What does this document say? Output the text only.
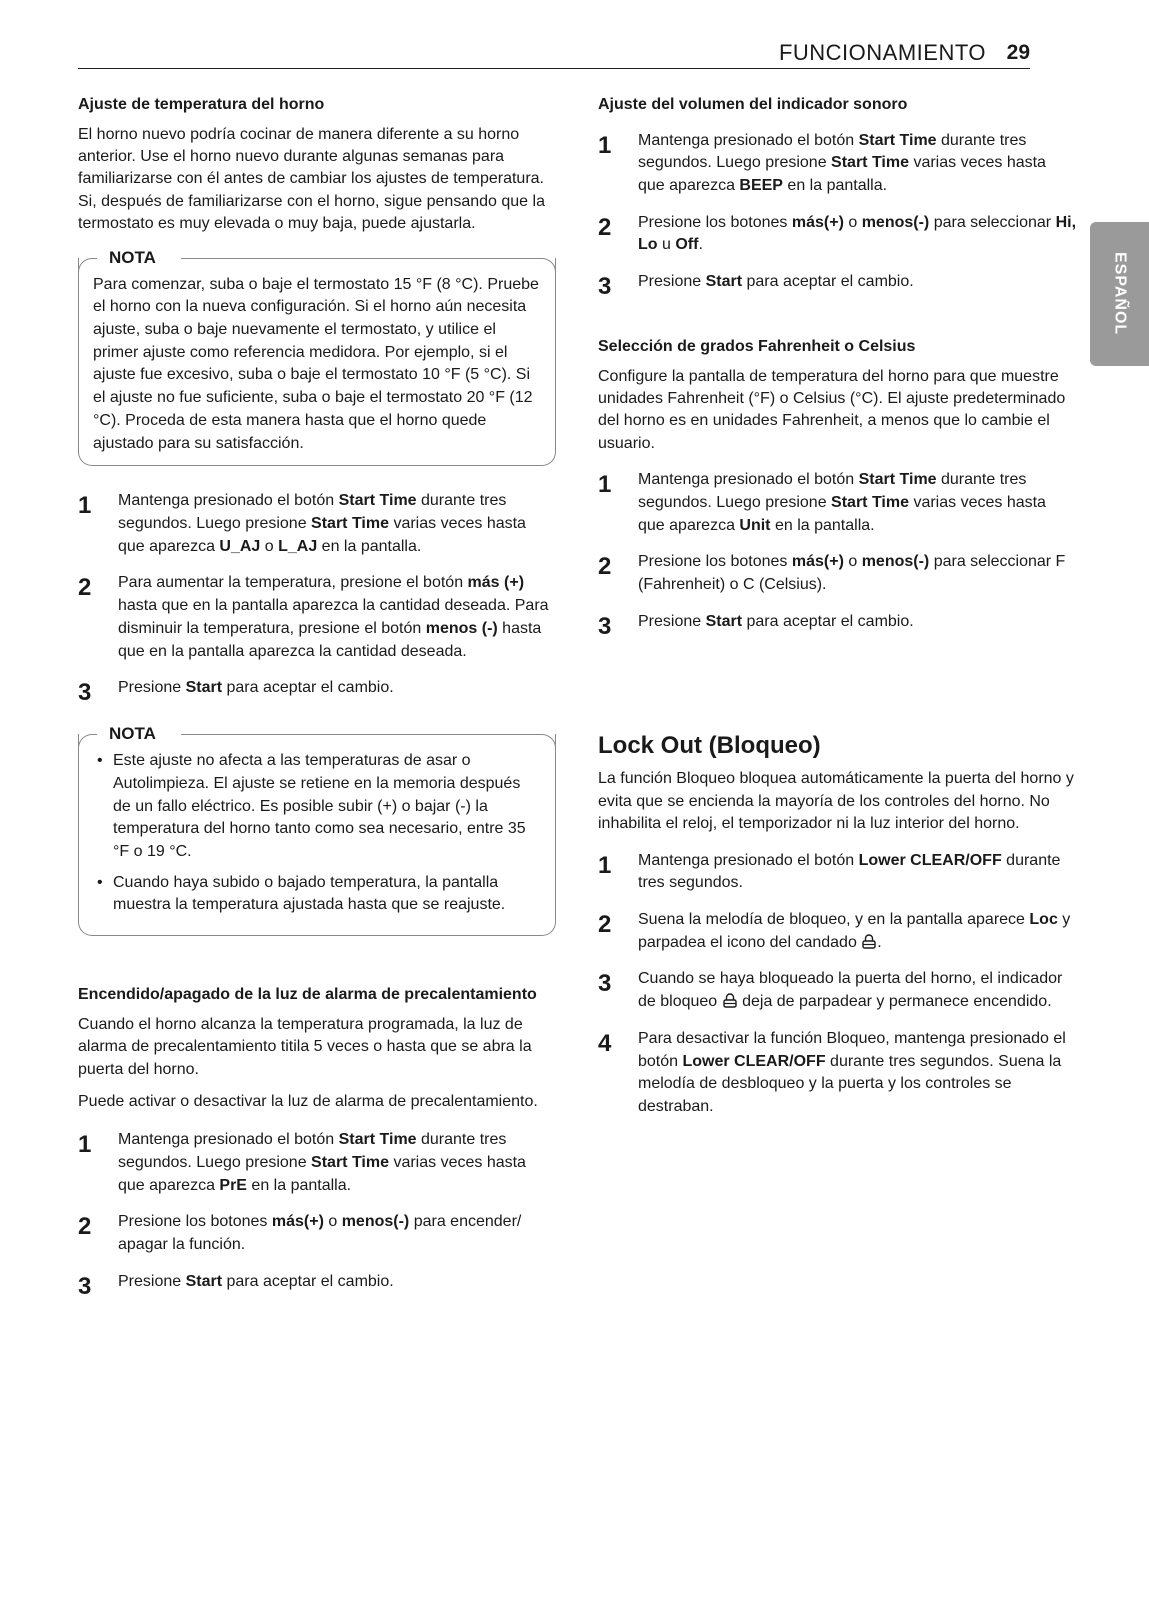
FUNCIONAMIENTO 29
ESPAÑOL
Ajuste de temperatura del horno

El horno nuevo podría cocinar de manera diferente a su horno anterior. Use el horno nuevo durante algunas semanas para familiarizarse con él antes de cambiar los ajustes de temperatura. Si, después de familiarizarse con el horno, sigue pensando que la termostato es muy elevada o muy baja, puede ajustarla.

NOTA

Para comenzar, suba o baje el termostato 15 °F (8 °C). Pruebe el horno con la nueva configuración. Si el horno aún necesita ajuste, suba o baje nuevamente el termostato, y utilice el primer ajuste como referencia medidora. Por ejemplo, si el ajuste fue excesivo, suba o baje el termostato 10 °F (5 °C). Si el ajuste no fue suficiente, suba o baje el termostato 20 °F (12 °C). Proceda de esta manera hasta que el horno quede ajustado para su satisfacción.

1	Mantenga presionado el botón Start Time durante tres segundos. Luego presione Start Time varias veces hasta que aparezca U_AJ o L_AJ en la pantalla.
2	Para aumentar la temperatura, presione el botón más (+) hasta que en la pantalla aparezca la cantidad deseada. Para disminuir la temperatura, presione el botón menos (-) hasta que en la pantalla aparezca la cantidad deseada.
3	Presione Start para aceptar el cambio.
NOTA
• Este ajuste no afecta a las temperaturas de asar o Autolimpieza. El ajuste se retiene en la memoria después de un fallo eléctrico. Es posible subir (+) o bajar (-) la temperatura del horno tanto como sea necesario, entre 35 °F o 19 °C.
• Cuando haya subido o bajado temperatura, la pantalla muestra la temperatura ajustada hasta que se reajuste.
Encendido/apagado de la luz de alarma de precalentamiento

Cuando el horno alcanza la temperatura programada, la luz de alarma de precalentamiento titila 5 veces o hasta que se abra la puerta del horno.

Puede activar o desactivar la luz de alarma de precalentamiento.

1	Mantenga presionado el botón Start Time durante tres segundos. Luego presione Start Time varias veces hasta que aparezca PrE en la pantalla.
2	Presione los botones más(+) o menos(-) para encender/ apagar la función.
3	Presione Start para aceptar el cambio.
Ajuste del volumen del indicador sonoro
1	Mantenga presionado el botón Start Time durante tres segundos. Luego presione Start Time varias veces hasta que aparezca BEEP en la pantalla.
2	Presione los botones más(+) o menos(-) para seleccionar Hi, Lo u Off.
3	Presione Start para aceptar el cambio.
Selección de grados Fahrenheit o Celsius

Configure la pantalla de temperatura del horno para que muestre unidades Fahrenheit (°F) o Celsius (°C). El ajuste predeterminado del horno es en unidades Fahrenheit, a menos que lo cambie el usuario.

1	Mantenga presionado el botón Start Time durante tres segundos. Luego presione Start Time varias veces hasta que aparezca Unit en la pantalla.
2	Presione los botones más(+) o menos(-) para seleccionar F (Fahrenheit) o C (Celsius).
3	Presione Start para aceptar el cambio.
Lock Out (Bloqueo)

La función Bloqueo bloquea automáticamente la puerta del horno y evita que se encienda la mayoría de los controles del horno. No inhabilita el reloj, el temporizador ni la luz interior del horno.

1	Mantenga presionado el botón Lower CLEAR/OFF durante tres segundos.
2	Suena la melodía de bloqueo, y en la pantalla aparece Loc y parpadea el icono del candado .
3	Cuando se haya bloqueado la puerta del horno, el indicador de bloqueo  deja de parpadear y permanece encendido.
4	Para desactivar la función Bloqueo, mantenga presionado el botón Lower CLEAR/OFF durante tres segundos. Suena la melodía de desbloqueo y la puerta y los controles se destraban.
